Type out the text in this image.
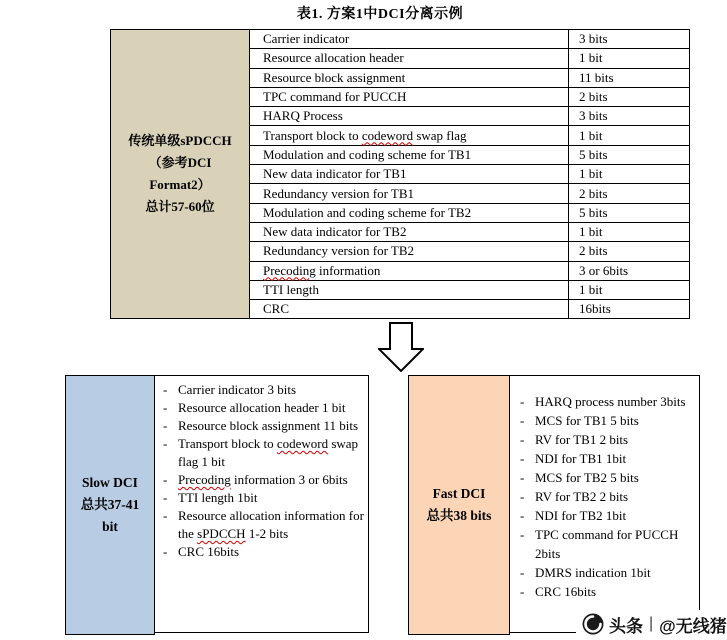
表1. 方案1中DCI分离示例
传统单级sPDCCH
（参考DCI
Format2）
总计57-60位	Carrier indicator	3 bits
	Resource allocation header	1 bit
	Resource block assignment	11 bits
	TPC command for PUCCH	2 bits
	HARQ Process	3 bits
	Transport block to codeword swap flag	1 bit
	Modulation and coding scheme for TB1	5 bits
	New data indicator for TB1	1 bit
	Redundancy version for TB1	2 bits
	Modulation and coding scheme for TB2	5 bits
	New data indicator for TB2	1 bit
	Redundancy version for TB2	2 bits
	Precoding information	3 or 6bits
	TTI length	1 bit
	CRC	16bits
Slow DCI
总共37-41
bit
- Carrier indicator 3 bits
- Resource allocation header 1 bit
- Resource block assignment 11 bits
- Transport block to codeword swap flag 1 bit
- Precoding information 3 or 6bits
- TTI length 1bit
- Resource allocation information for the sPDCCH 1-2 bits
- CRC 16bits
Fast DCI
总共38 bits
- HARQ process number 3bits
- MCS for TB1 5 bits
- RV for TB1 2 bits
- NDI for TB1 1bit
- MCS for TB2 5 bits
- RV for TB2 2 bits
- NDI for TB2 1bit
- TPC command for PUCCH 2bits
- DMRS indication 1bit
- CRC 16bits
头条 | @无线猪
